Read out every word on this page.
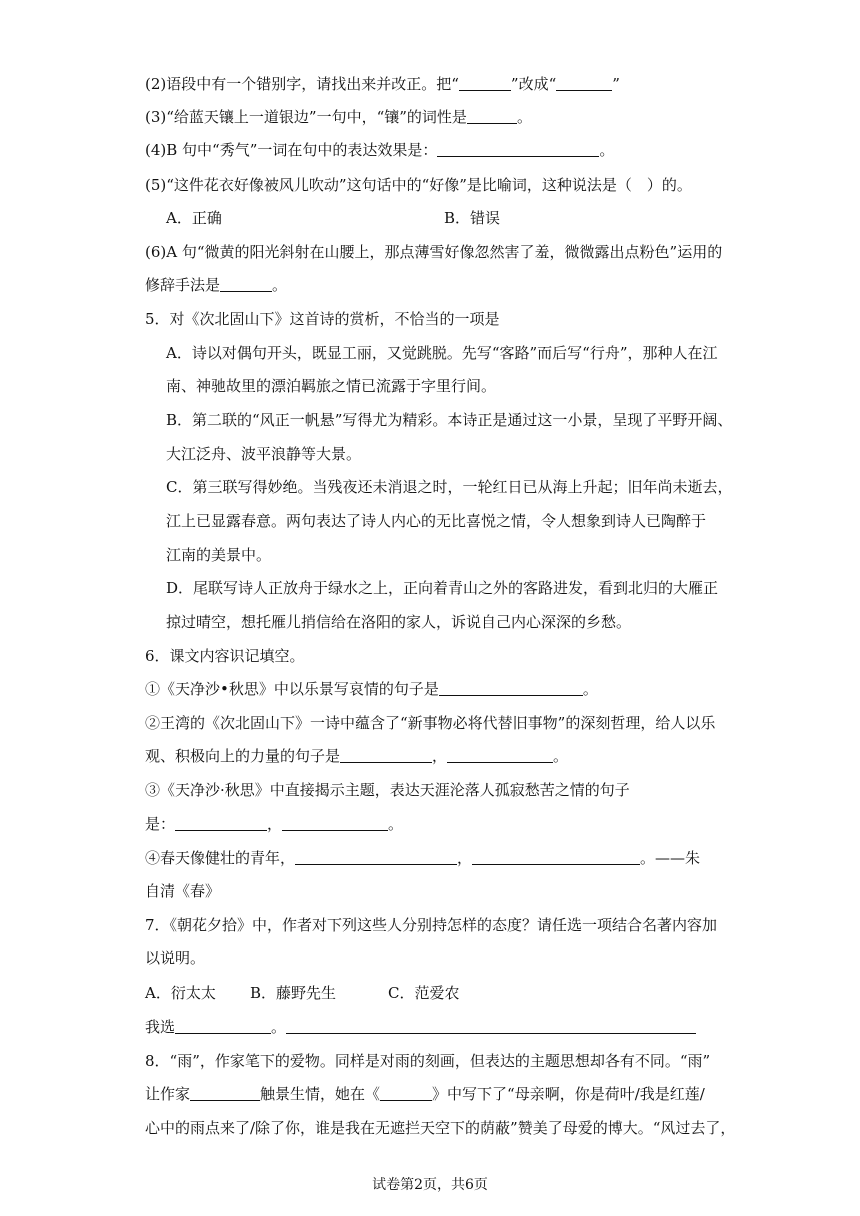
(2)语段中有一个错别字，请找出来并改正。把“	”改成“	”
(3)“给蓝天镶上一道银边”一句中，“镶”的词性是	。
(4)B 句中“秀气”一词在句中的表达效果是：	。
(5)“这件花衣好像被风儿吹动”这句话中的“好像”是比喻词，这种说法是（　）的。
A．正确	B．错误
(6)A 句“微黄的阳光斜射在山腰上，那点薄雪好像忽然害了羞，微微露出点粉色”运用的
修辞手法是	。
5．对《次北固山下》这首诗的赏析，不恰当的一项是
A．诗以对偶句开头，既显工丽，又觉跳脱。先写“客路”而后写“行舟”，那种人在江
南、神驰故里的漂泊羁旅之情已流露于字里行间。
B．第二联的“风正一帆悬”写得尤为精彩。本诗正是通过这一小景，呈现了平野开阔、
大江泛舟、波平浪静等大景。
C．第三联写得妙绝。当残夜还未消退之时，一轮红日已从海上升起；旧年尚未逝去，
江上已显露春意。两句表达了诗人内心的无比喜悦之情，令人想象到诗人已陶醉于
江南的美景中。
D．尾联写诗人正放舟于绿水之上，正向着青山之外的客路进发，看到北归的大雁正
掠过晴空，想托雁儿捎信给在洛阳的家人，诉说自己内心深深的乡愁。
6．课文内容识记填空。
①《天净沙•秋思》中以乐景写哀情的句子是	。
②王湾的《次北固山下》一诗中蕴含了“新事物必将代替旧事物”的深刻哲理，给人以乐
观、积极向上的力量的句子是	，	。
③《天净沙·秋思》中直接揭示主题，表达天涯沦落人孤寂愁苦之情的句子
是：	，	。
④春天像健壮的青年，	，	。——朱
自清《春》
7．《朝花夕拾》中，作者对下列这些人分别持怎样的态度？请任选一项结合名著内容加
以说明。
A．衍太太 B．藤野先生	C．范爱农
我选	。
8．“雨”，作家笔下的爱物。同样是对雨的刻画，但表达的主题思想却各有不同。“雨”
让作家	触景生情，她在《	》中写下了“母亲啊，你是荷叶/我是红莲/
心中的雨点来了/除了你，谁是我在无遮拦天空下的荫蔽”赞美了母爱的博大。“风过去了，
试卷第2页，共6页
